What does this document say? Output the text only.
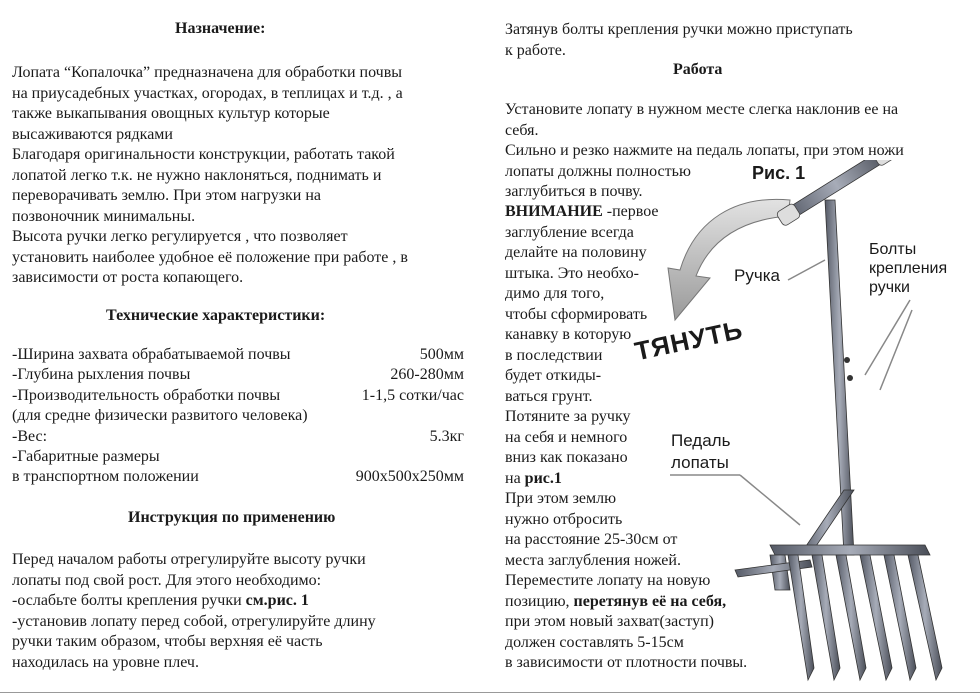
Назначение:
Лопата “Копалочка” предназначена для обработки почвы
на приусадебных участках, огородах, в теплицах и т.д. , а
также выкапывания овощных культур которые
высаживаются рядками
Благодаря оригинальности конструкции, работать такой
лопатой легко т.к. не нужно наклоняться, поднимать и
переворачивать землю. При этом нагрузки на
позвоночник минимальны.
Высота ручки легко регулируется , что позволяет
установить наиболее удобное её положение при работе , в
зависимости от роста копающего.
Технические характеристики:
-Ширина захвата обрабатываемой почвы	500мм
-Глубина рыхления почвы	260-280мм
-Производительность обработки почвы	1-1,5 сотки/час
(для средне физически развитого человека)
-Вес:	5.3кг
-Габаритные размеры
в транспортном положении	900x500x250мм
Инструкция по применению
Перед началом работы отрегулируйте высоту ручки
лопаты под свой рост. Для этого необходимо:
-ослабьте болты крепления ручки см.рис. 1
-установив лопату перед собой, отрегулируйте длину
ручки таким образом, чтобы верхняя её часть
находилась на уровне плеч.
Затянув болты крепления ручки можно приступать
к работе.
Работа
Установите лопату в нужном месте слегка наклонив ее на
себя.
Сильно и резко нажмите на педаль лопаты, при этом ножи
лопаты должны полностью
заглубиться в почву.
ВНИМАНИЕ -первое
заглубление всегда
делайте на половину
штыка. Это необхо-
димо для того,
чтобы сформировать
канавку в которую
в последствии
будет откиды-
ваться грунт.
Потяните за ручку
на себя и немного
вниз как показано
на рис.1
При этом землю
нужно отбросить
на расстояние 25-30см от
места заглубления ножей.
Переместите лопату на новую
позицию, перетянув её на себя,
при этом новый захват(заступ)
должен составлять 5-15см
в зависимости от плотности почвы.
Рис. 1
ТЯНУТЬ
Ручка
Болты
крепления
ручки
Педаль
лопаты
